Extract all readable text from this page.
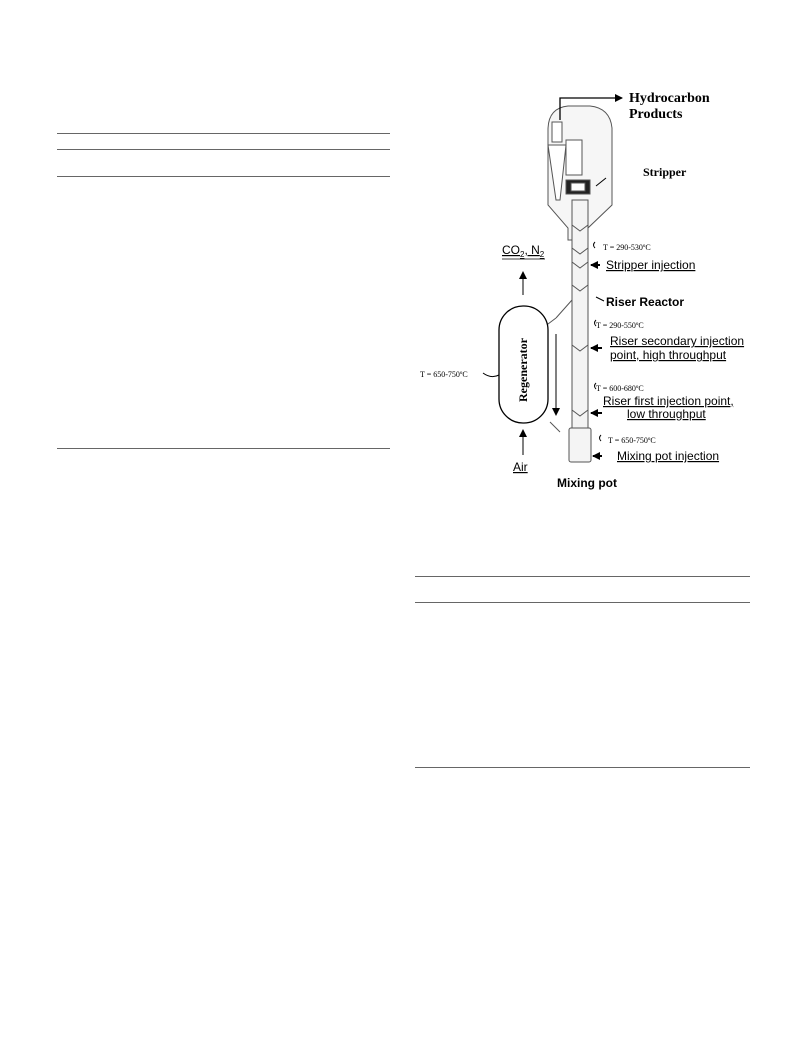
Regenerator
Hydrocarbon
Products
Stripper
$CO_2$, $N_2$
T = 290-530ºC
Stripper injection
Riser Reactor
T = 290-550ºC
Riser secondary injection
point, high throughput
T = 650-750ºC
T = 600-680ºC
Riser first injection point,
low throughput
T = 650-750ºC
Mixing pot injection
Air
Mixing pot
